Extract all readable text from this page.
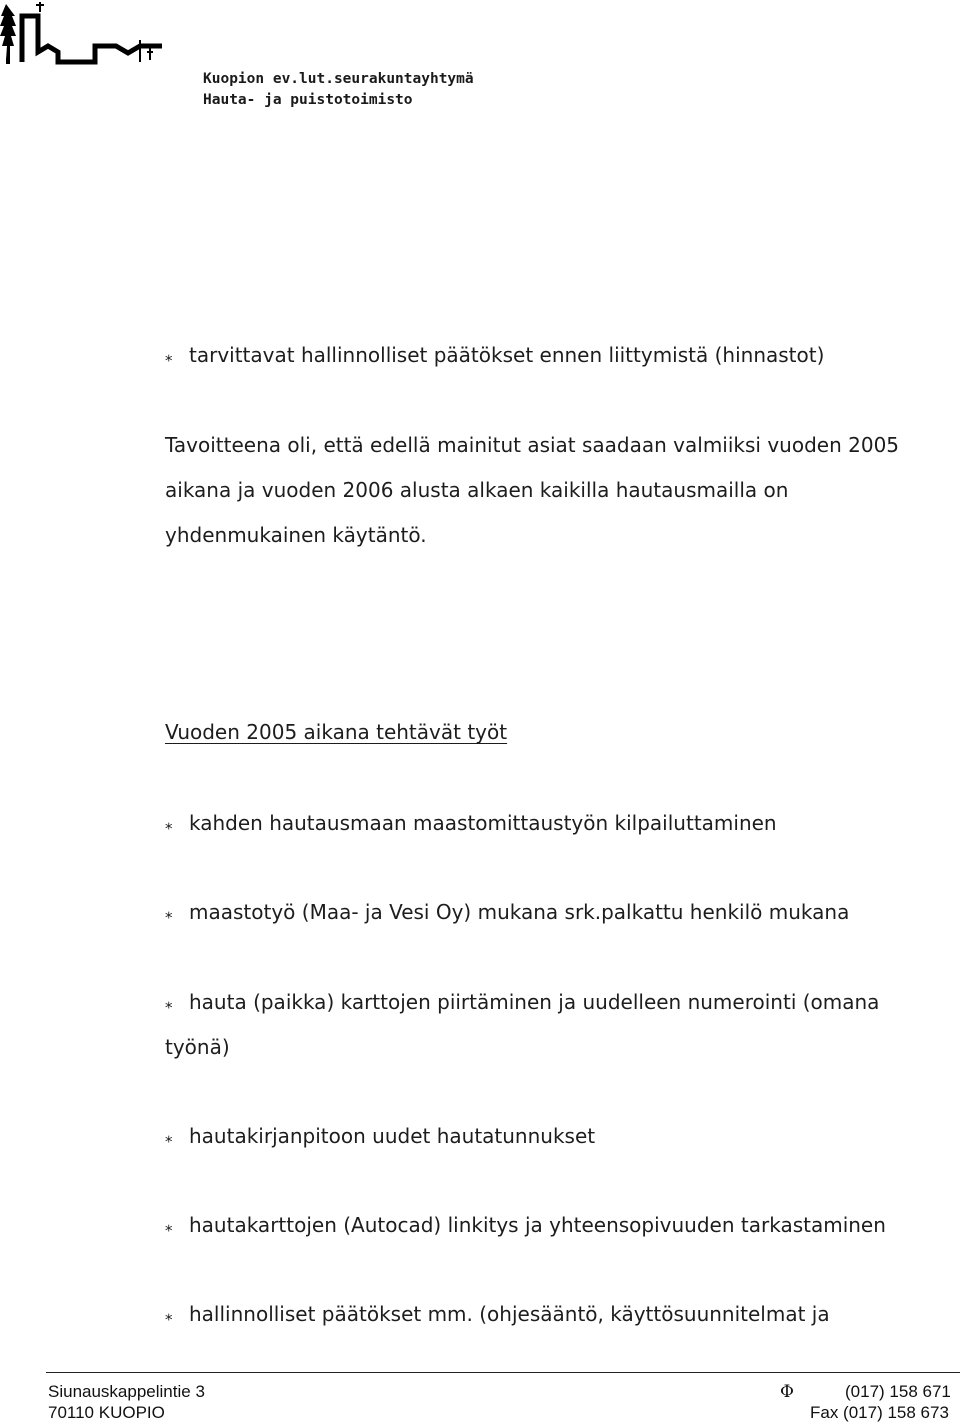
Kuopion ev.lut.seurakuntayhtymä
Hauta- ja puistotoimisto
⁎ tarvittavat hallinnolliset päätökset ennen liittymistä (hinnastot)
Tavoitteena oli, että edellä mainitut asiat saadaan valmiiksi vuoden 2005
aikana ja vuoden 2006 alusta alkaen kaikilla hautausmailla on
yhdenmukainen käytäntö.
Vuoden 2005 aikana tehtävät työt
⁎ kahden hautausmaan maastomittaustyön kilpailuttaminen
⁎ maastotyö (Maa- ja Vesi Oy) mukana srk.palkattu henkilö mukana
⁎ hauta (paikka) karttojen piirtäminen ja uudelleen numerointi (omana
työnä)
⁎ hautakirjanpitoon uudet hautatunnukset
⁎ hautakarttojen (Autocad) linkitys ja yhteensopivuuden tarkastaminen
⁎ hallinnolliset päätökset mm. (ohjesääntö, käyttösuunnitelmat ja
Siunauskappelintie 3
70110 KUOPIO
Φ	(017) 158 671
Fax (017) 158 673
